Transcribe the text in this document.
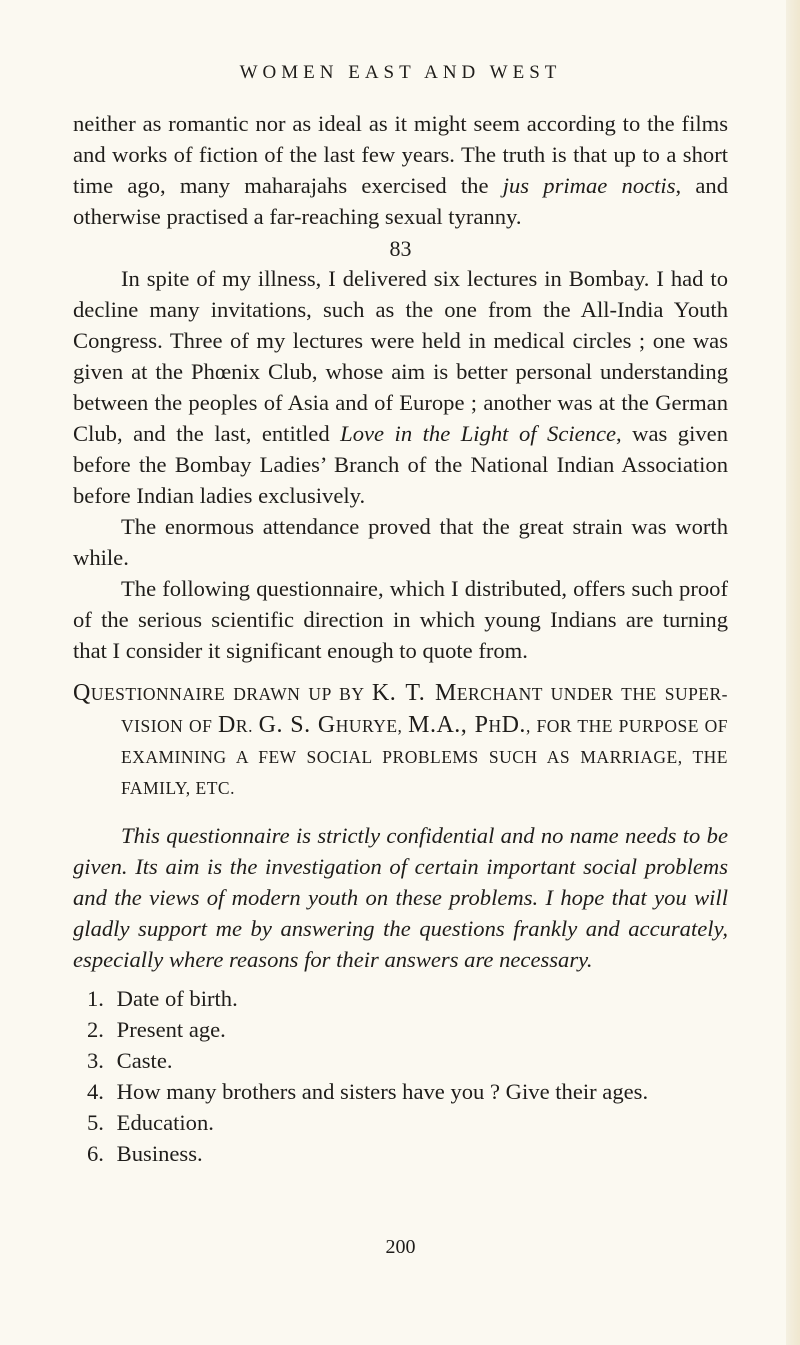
WOMEN EAST AND WEST

neither as romantic nor as ideal as it might seem according to the films and works of fiction of the last few years. The truth is that up to a short time ago, many maharajahs exercised the jus primae noctis, and otherwise practised a far-reaching sexual tyranny.

83

In spite of my illness, I delivered six lectures in Bombay. I had to decline many invitations, such as the one from the All-India Youth Congress. Three of my lectures were held in medical circles ; one was given at the Phœnix Club, whose aim is better personal understanding between the peoples of Asia and of Europe ; another was at the German Club, and the last, entitled Love in the Light of Science, was given before the Bombay Ladies’ Branch of the National Indian Association before Indian ladies exclusively.

The enormous attendance proved that the great strain was worth while.

The following questionnaire, which I distributed, offers such proof of the serious scientific direction in which young Indians are turning that I consider it significant enough to quote from.

QUESTIONNAIRE DRAWN UP BY K. T. MERCHANT UNDER THE SUPER-VISION OF DR. G. S. GHURYE, M.A., PHD., FOR THE PURPOSE OF EXAMINING A FEW SOCIAL PROBLEMS SUCH AS MARRIAGE, THE FAMILY, ETC.

This questionnaire is strictly confidential and no name needs to be given. Its aim is the investigation of certain important social problems and the views of modern youth on these problems. I hope that you will gladly support me by answering the questions frankly and accurately, especially where reasons for their answers are necessary.

1. Date of birth.
2. Present age.
3. Caste.
4. How many brothers and sisters have you ? Give their ages.
5. Education.
6. Business.
200
